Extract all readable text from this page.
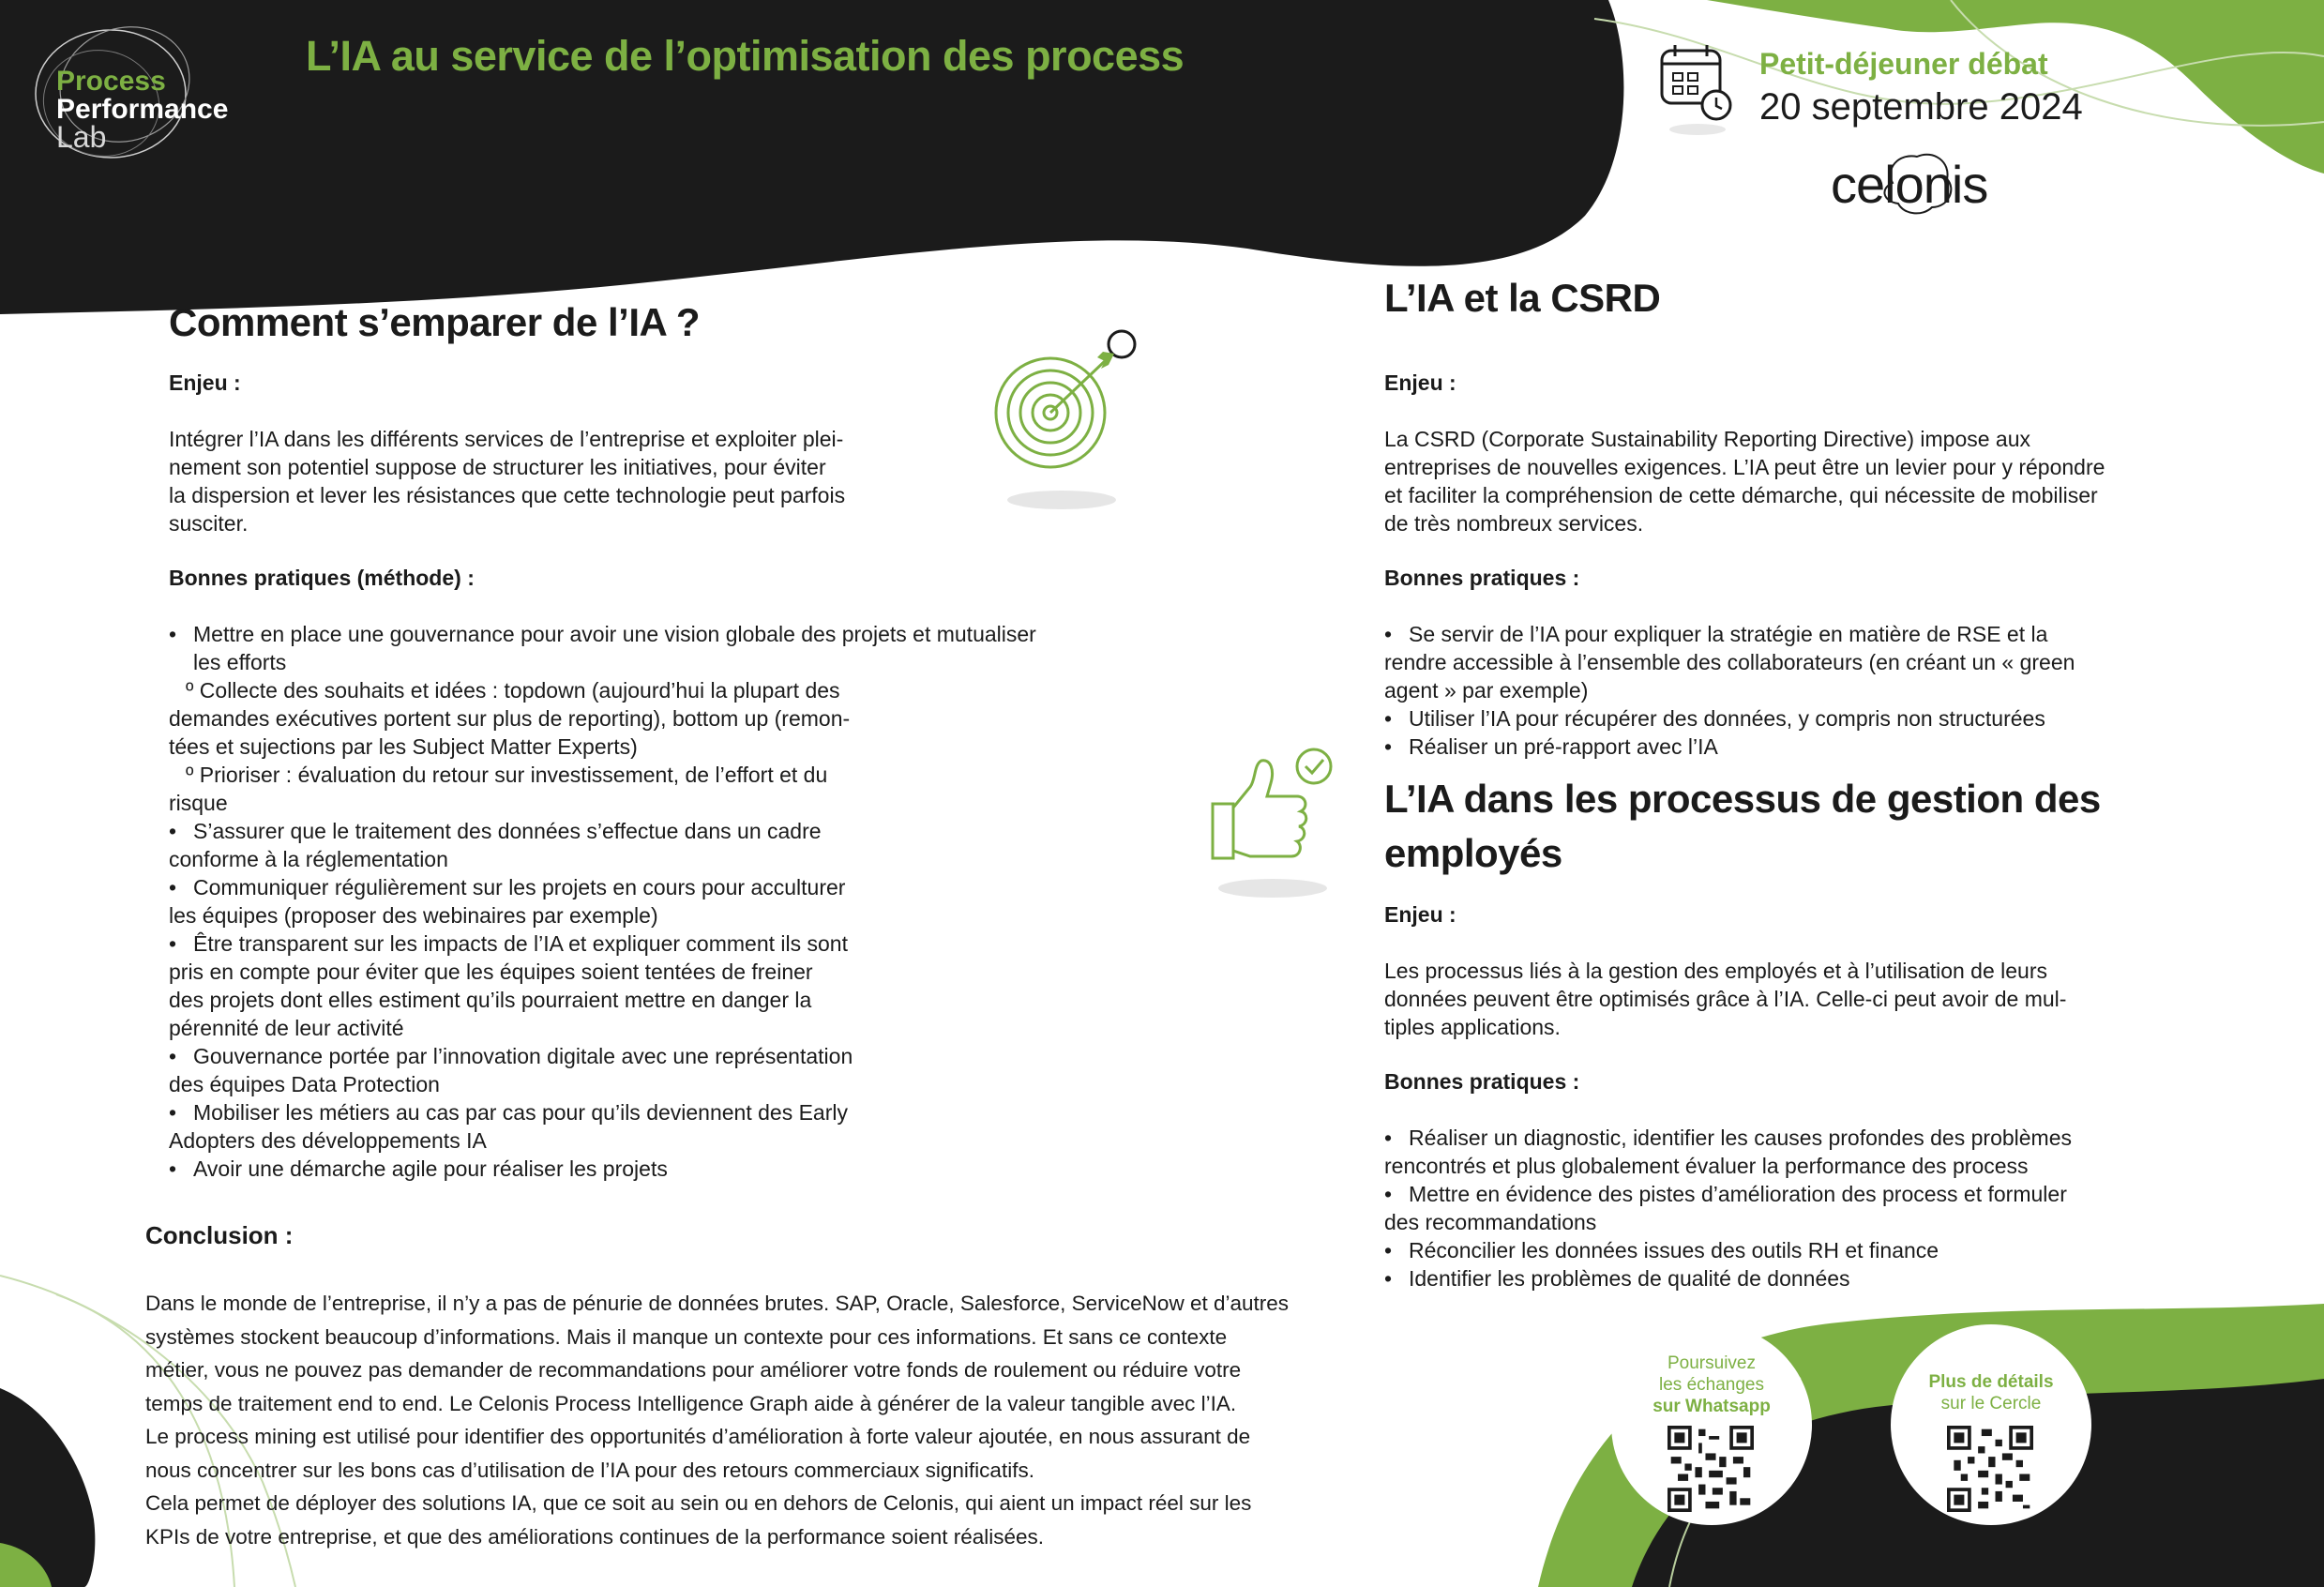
Process
Performance
Lab
L’IA au service de l’optimisation des process	Petit-déjeuner débat
20 septembre 2024
celonis
Comment s’emparer de l’IA ?
Enjeu :
Intégrer l’IA dans les différents services de l’entreprise et exploiter plei-
nement son potentiel suppose de structurer les initiatives, pour éviter
la dispersion et lever les résistances que cette technologie peut parfois
susciter.
Bonnes pratiques (méthode) :
• Mettre en place une gouvernance pour avoir une vision globale des projets et mutualiser
les efforts
º Collecte des souhaits et idées : topdown (aujourd’hui la plupart des
demandes exécutives portent sur plus de reporting), bottom up (remon-
tées et sujections par les Subject Matter Experts)
º Prioriser : évaluation du retour sur investissement, de l’effort et du
risque
• S’assurer que le traitement des données s’effectue dans un cadre
conforme à la réglementation
• Communiquer régulièrement sur les projets en cours pour acculturer
les équipes (proposer des webinaires par exemple)
• Être transparent sur les impacts de l’IA et expliquer comment ils sont
pris en compte pour éviter que les équipes soient tentées de freiner
des projets dont elles estiment qu’ils pourraient mettre en danger la
pérennité de leur activité
• Gouvernance portée par l’innovation digitale avec une représentation
des équipes Data Protection
• Mobiliser les métiers au cas par cas pour qu’ils deviennent des Early
Adopters des développements IA
• Avoir une démarche agile pour réaliser les projets
Conclusion :
Dans le monde de l’entreprise, il n’y a pas de pénurie de données brutes. SAP, Oracle, Salesforce, ServiceNow et d’autres
systèmes stockent beaucoup d’informations. Mais il manque un contexte pour ces informations. Et sans ce contexte
métier, vous ne pouvez pas demander de recommandations pour améliorer votre fonds de roulement ou réduire votre
temps de traitement end to end. Le Celonis Process Intelligence Graph aide à générer de la valeur tangible avec l’IA.
Le process mining est utilisé pour identifier des opportunités d’amélioration à forte valeur ajoutée, en nous assurant de
nous concentrer sur les bons cas d’utilisation de l’IA pour des retours commerciaux significatifs.
Cela permet de déployer des solutions IA, que ce soit au sein ou en dehors de Celonis, qui aient un impact réel sur les
KPIs de votre entreprise, et que des améliorations continues de la performance soient réalisées.
L’IA et la CSRD
Enjeu :
La CSRD (Corporate Sustainability Reporting Directive) impose aux
entreprises de nouvelles exigences. L’IA peut être un levier pour y répondre
et faciliter la compréhension de cette démarche, qui nécessite de mobiliser
de très nombreux services.
Bonnes pratiques :
• Se servir de l’IA pour expliquer la stratégie en matière de RSE et la
rendre accessible à l’ensemble des collaborateurs (en créant un « green
agent » par exemple)
• Utiliser l’IA pour récupérer des données, y compris non structurées
• Réaliser un pré-rapport avec l’IA
L’IA dans les processus de gestion des
employés
Enjeu :
Les processus liés à la gestion des employés et à l’utilisation de leurs
données peuvent être optimisés grâce à l’IA. Celle-ci peut avoir de mul-
tiples applications.
Bonnes pratiques :
• Réaliser un diagnostic, identifier les causes profondes des problèmes
rencontrés et plus globalement évaluer la performance des process
• Mettre en évidence des pistes d’amélioration des process et formuler
des recommandations
• Réconcilier les données issues des outils RH et finance
• Identifier les problèmes de qualité de données
Poursuivez
les échanges
sur Whatsapp
Plus de détails
sur le Cercle
